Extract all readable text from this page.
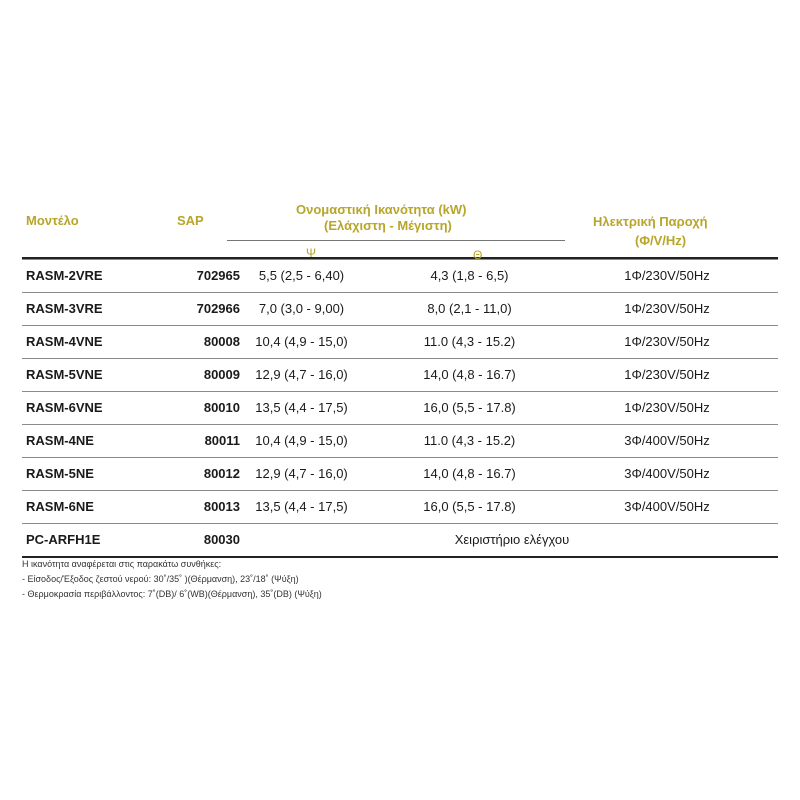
Μοντέλο	SAP
Ονομαστική Ικανότητα (kW)
(Ελάχιστη - Μέγιστη)	Ηλεκτρική Παροχή
(Φ/V/Hz)
Ψ	Θ
RASM-2VRE	702965	5,5 (2,5 - 6,40)	4,3 (1,8 - 6,5)	1Φ/230V/50Hz
RASM-3VRE	702966	7,0 (3,0 - 9,00)	8,0 (2,1 - 11,0)	1Φ/230V/50Hz
RASM-4VNE	80008	10,4 (4,9 - 15,0)	11.0 (4,3 - 15.2)	1Φ/230V/50Hz
RASM-5VNE	80009	12,9 (4,7 - 16,0)	14,0 (4,8 - 16.7)	1Φ/230V/50Hz
RASM-6VNE	80010	13,5 (4,4 - 17,5)	16,0 (5,5 - 17.8)	1Φ/230V/50Hz
RASM-4NE	80011	10,4 (4,9 - 15,0)	11.0 (4,3 - 15.2)	3Φ/400V/50Hz
RASM-5NE	80012	12,9 (4,7 - 16,0)	14,0 (4,8 - 16.7)	3Φ/400V/50Hz
RASM-6NE	80013	13,5 (4,4 - 17,5)	16,0 (5,5 - 17.8)	3Φ/400V/50Hz
PC-ARFH1E	80030	Χειριστήριο ελέγχου
Η ικανότητα αναφέρεται στις παρακάτω συνθήκες:
- Είσοδος/Έξοδος ζεστού νερού: 30˚/35˚ )(Θέρμανση), 23˚/18˚ (Ψύξη)
- Θερμοκρασία περιβάλλοντος: 7˚(DB)/ 6˚(WB)(Θέρμανση), 35˚(DB) (Ψύξη)
